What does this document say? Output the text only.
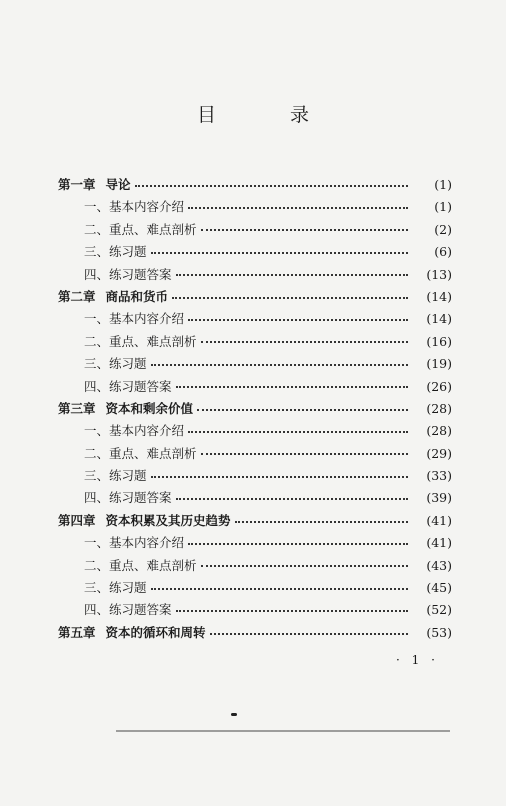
目 录
第一章 导论	(1)
一、 基本内容介绍	(1)
二、 重点、难点剖析	(2)
三、 练习题	(6)
四、 练习题答案	(13)
第二章 商品和货币	(14)
一、 基本内容介绍	(14)
二、 重点、难点剖析	(16)
三、 练习题	(19)
四、 练习题答案	(26)
第三章 资本和剩余价值	(28)
一、 基本内容介绍	(28)
二、 重点、难点剖析	(29)
三、 练习题	(33)
四、 练习题答案	(39)
第四章 资本积累及其历史趋势	(41)
一、 基本内容介绍	(41)
二、 重点、难点剖析	(43)
三、 练习题	(45)
四、 练习题答案	(52)
第五章 资本的循环和周转	(53)
· 1 ·
